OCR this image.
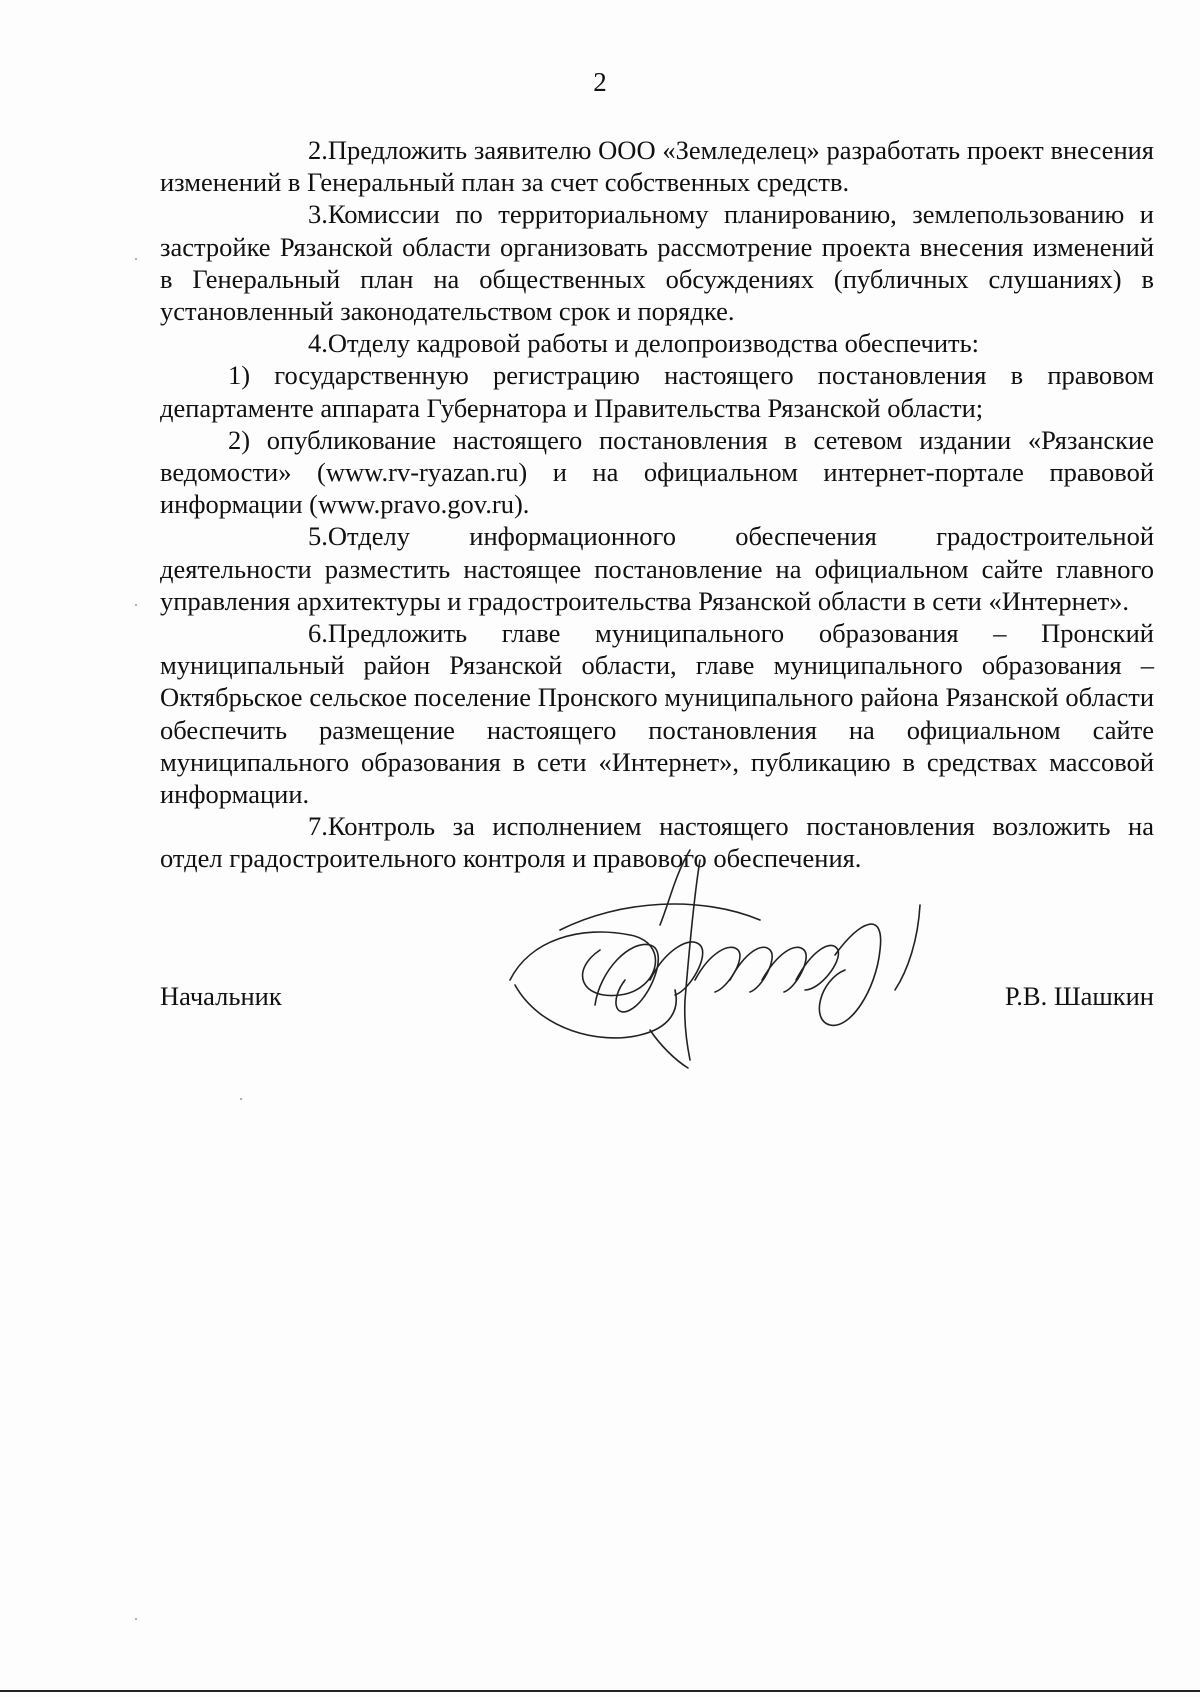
2

2.Предложить заявителю ООО «Земледелец» разработать проект внесения изменений в Генеральный план за счет собственных средств.

3.Комиссии по территориальному планированию, землепользованию и застройке Рязанской области организовать рассмотрение проекта внесения изменений в Генеральный план на общественных обсуждениях (публичных слушаниях) в установленный законодательством срок и порядке.

4.Отделу кадровой работы и делопроизводства обеспечить:

1) государственную регистрацию настоящего постановления в правовом департаменте аппарата Губернатора и Правительства Рязанской области;

2) опубликование настоящего постановления в сетевом издании «Рязанские ведомости» (www.rv-ryazan.ru) и на официальном интернет-портале правовой информации (www.pravo.gov.ru).

5.Отделу информационного обеспечения градостроительной деятельности разместить настоящее постановление на официальном сайте главного управления архитектуры и градостроительства Рязанской области в сети «Интернет».

6.Предложить главе муниципального образования – Пронский муниципальный район Рязанской области, главе муниципального образования – Октябрьское сельское поселение Пронского муниципального района Рязанской области обеспечить размещение настоящего постановления на официальном сайте муниципального образования в сети «Интернет», публикацию в средствах массовой информации.

7.Контроль за исполнением настоящего постановления возложить на отдел градостроительного контроля и правового обеспечения.

Начальник	Р.В. Шашкин
